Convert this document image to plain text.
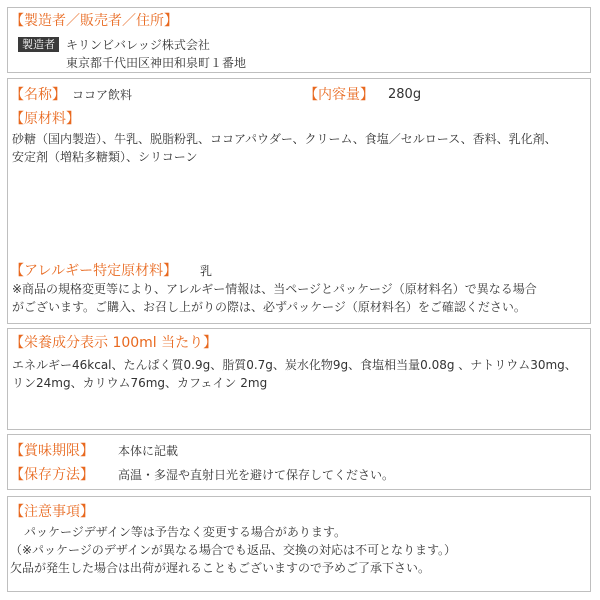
【製造者／販売者／住所】
製造者 キリンビバレッジ株式会社
東京都千代田区神田和泉町１番地
【名称】 ココア飲料	【内容量】 280g
【原材料】
砂糖（国内製造）、牛乳、脱脂粉乳、ココアパウダー、クリーム、食塩／セルロース、香料、乳化剤、
安定剤（増粘多糖類）、シリコーン
【アレルギー特定原材料】 乳
※商品の規格変更等により、アレルギー情報は、当ページとパッケージ（原材料名）で異なる場合
がございます。ご購入、お召し上がりの際は、必ずパッケージ（原材料名）をご確認ください。
【栄養成分表示 100ml 当たり】
エネルギー46kcal、たんぱく質0.9g、脂質0.7g、炭水化物9g、食塩相当量0.08g 、ナトリウム30mg、
リン24mg、カリウム76mg、カフェイン 2mg
【賞味期限】 本体に記載
【保存方法】 高温・多湿や直射日光を避けて保存してください。
【注意事項】
パッケージデザイン等は予告なく変更する場合があります。
（※パッケージのデザインが異なる場合でも返品、交換の対応は不可となります。）
欠品が発生した場合は出荷が遅れることもございますので予めご了承下さい。
